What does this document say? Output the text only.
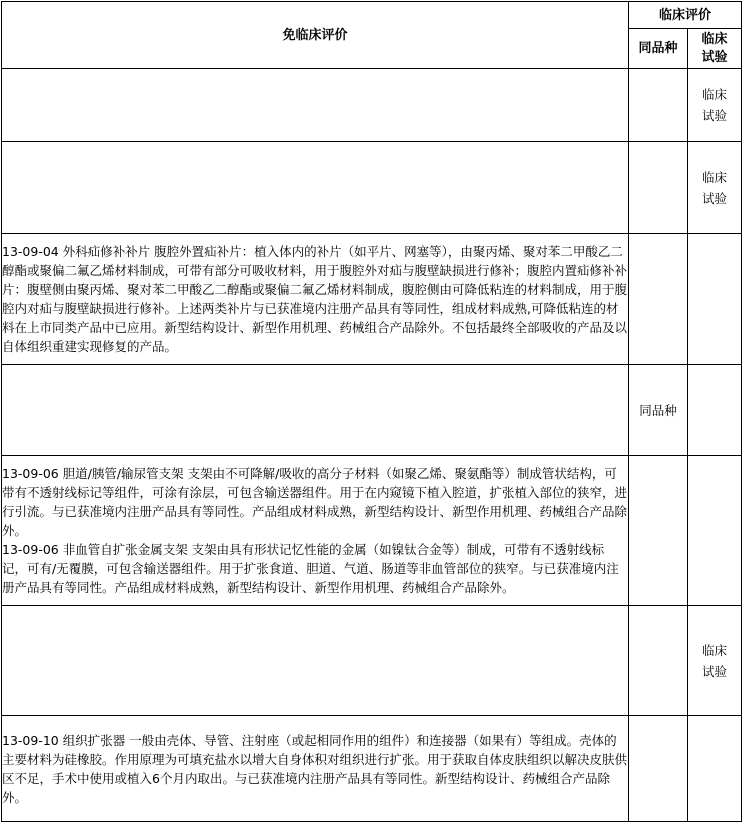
免临床评价	临床评价	
	同品种	临床
试验

		临床
试验

		临床
试验

13-09-04 外科疝修补补片 腹腔外置疝补片：植入体内的补片（如平片、网塞等），由聚丙烯、聚对苯二甲酸乙二醇酯或聚偏二氟乙烯材料制成，可带有部分可吸收材料，用于腹腔外对疝与腹壁缺损进行修补；腹腔内置疝修补补片：腹壁侧由聚丙烯、聚对苯二甲酸乙二醇酯或聚偏二氟乙烯材料制成，腹腔侧由可降低粘连的材料制成，用于腹腔内对疝与腹壁缺损进行修补。上述两类补片与已获准境内注册产品具有等同性，组成材料成熟,可降低粘连的材料在上市同类产品中已应用。新型结构设计、新型作用机理、药械组合产品除外。不包括最终全部吸收的产品及以自体组织重建实现修复的产品。		

	同品种	

13-09-06 胆道/胰管/输尿管支架 支架由不可降解/吸收的高分子材料（如聚乙烯、聚氨酯等）制成管状结构，可带有不透射线标记等组件，可涂有涂层，可包含输送器组件。用于在内窥镜下植入腔道，扩张植入部位的狭窄，进行引流。与已获准境内注册产品具有等同性。产品组成材料成熟，新型结构设计、新型作用机理、药械组合产品除外。
13-09-06 非血管自扩张金属支架 支架由具有形状记忆性能的金属（如镍钛合金等）制成，可带有不透射线标记，可有/无覆膜，可包含输送器组件。用于扩张食道、胆道、气道、肠道等非血管部位的狭窄。与已获准境内注册产品具有等同性。产品组成材料成熟，新型结构设计、新型作用机理、药械组合产品除外。		

		临床
试验

13-09-10 组织扩张器 一般由壳体、导管、注射座（或起相同作用的组件）和连接器（如果有）等组成。壳体的主要材料为硅橡胶。作用原理为可填充盐水以增大自身体积对组织进行扩张。用于获取自体皮肤组织以解决皮肤供区不足，手术中使用或植入6个月内取出。与已获准境内注册产品具有等同性。新型结构设计、药械组合产品除外。		
